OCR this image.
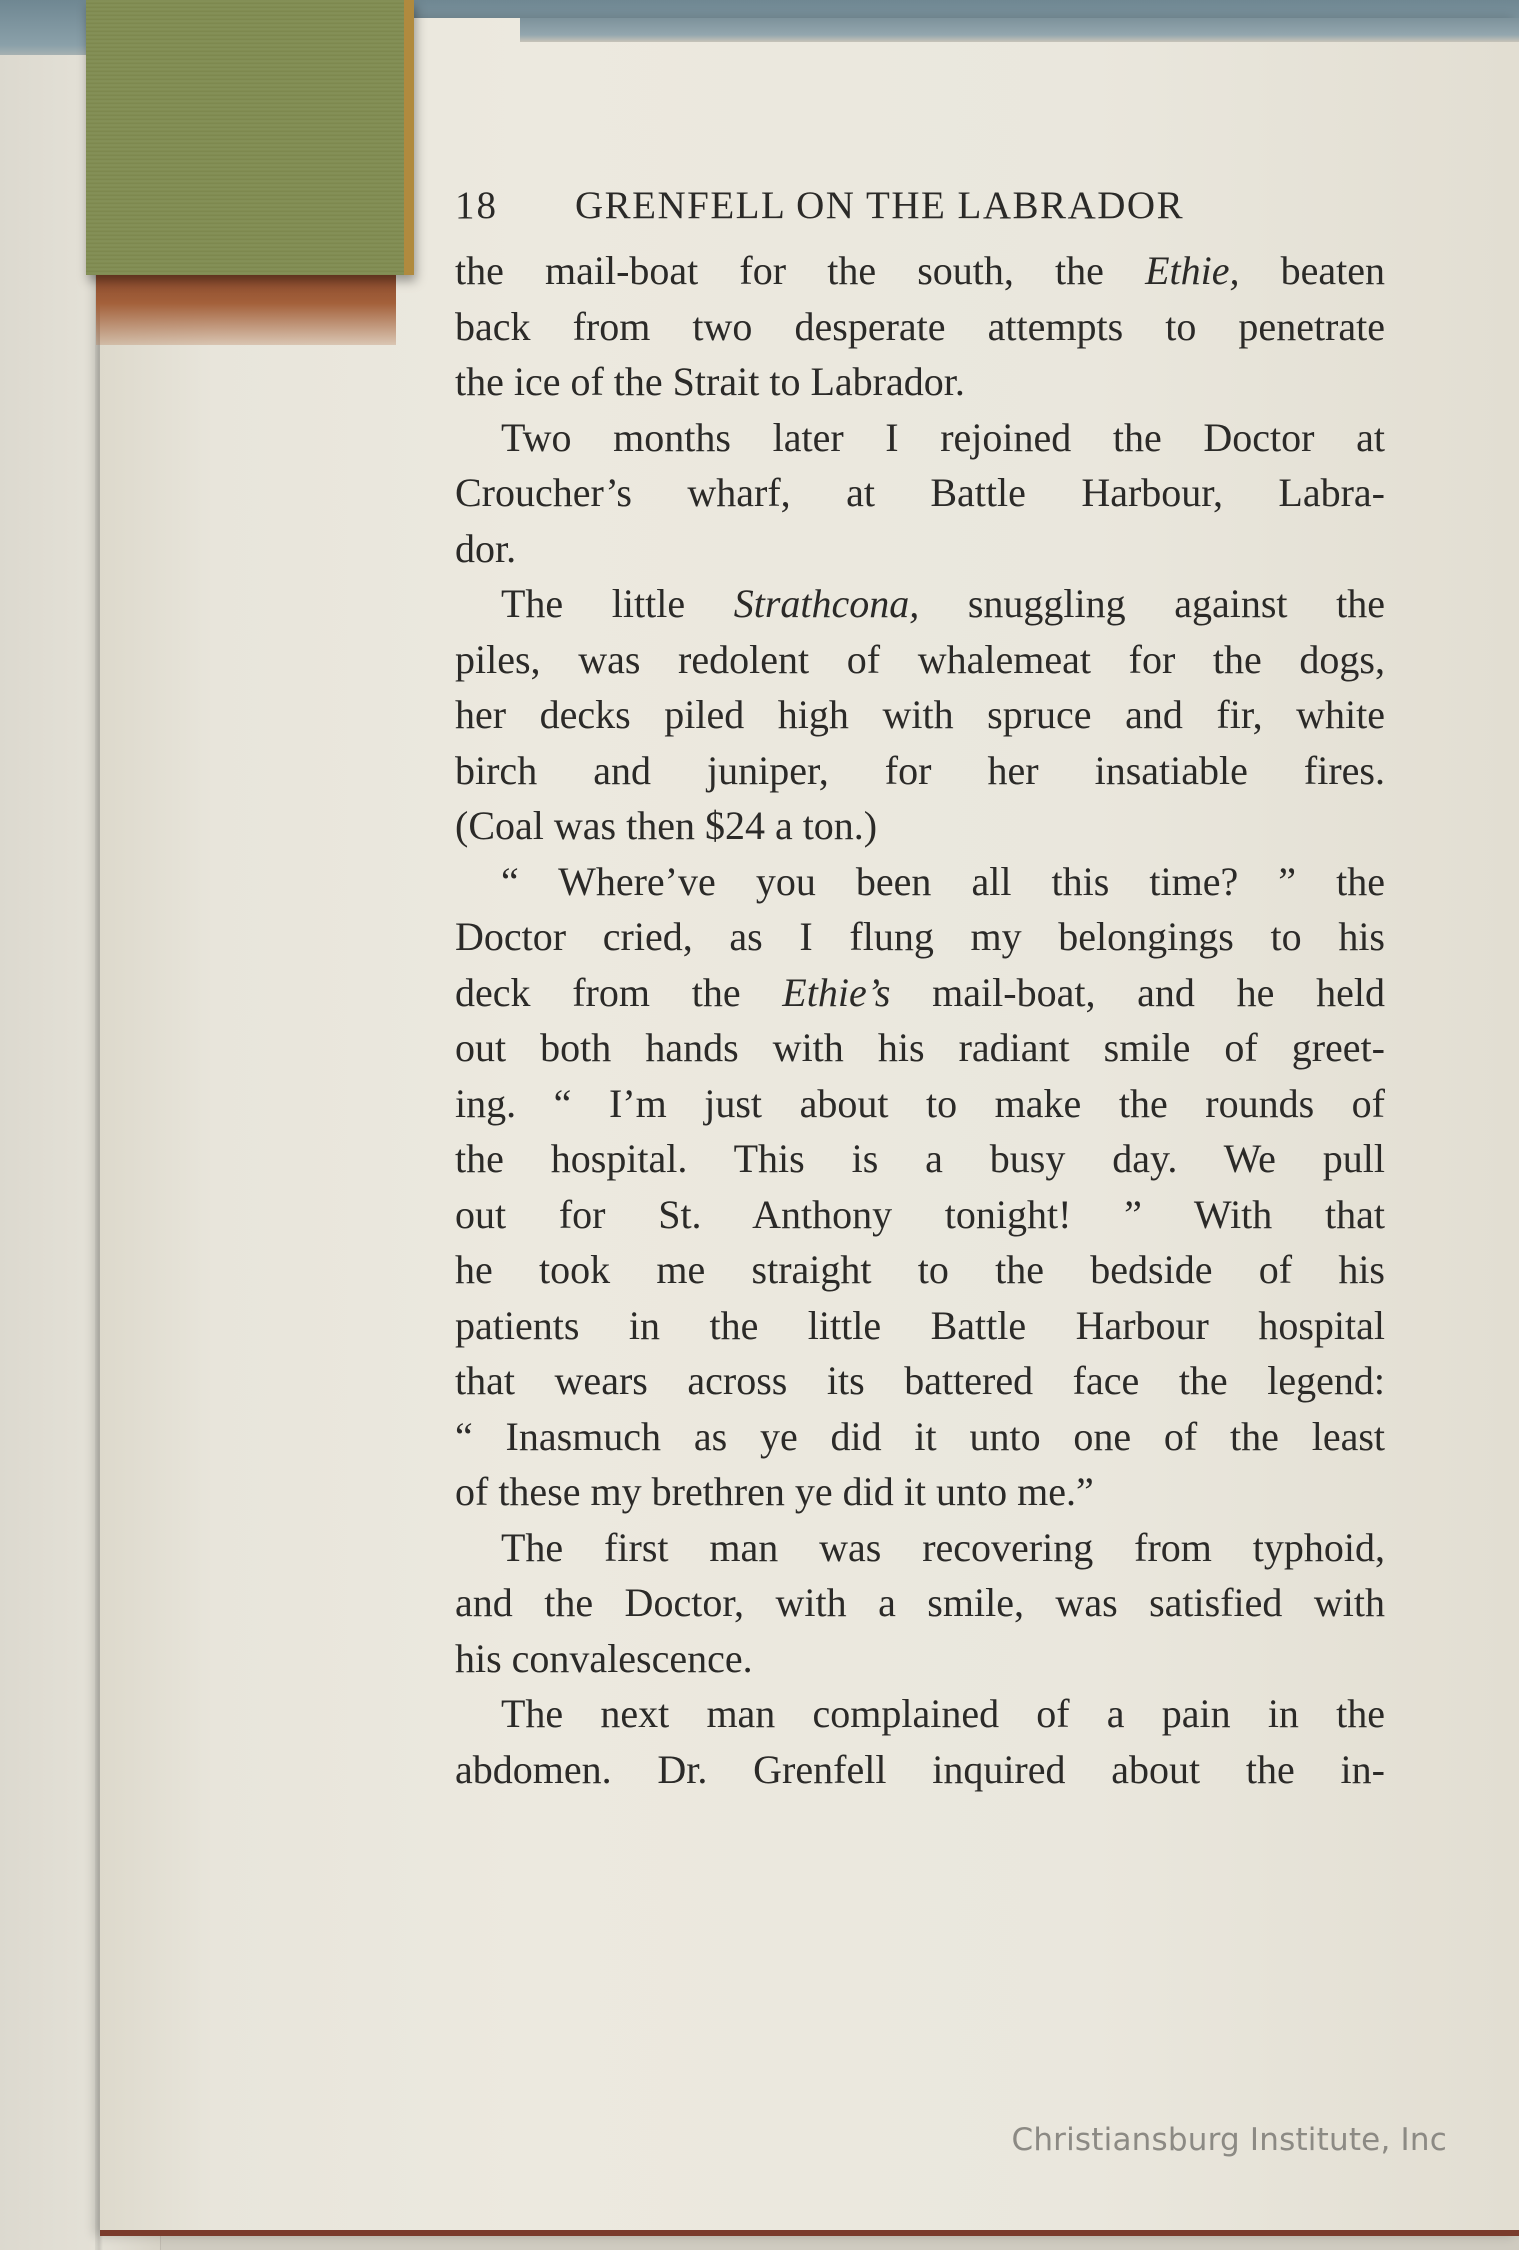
18	GRENFELL ON THE LABRADOR
the mail-boat for the south, the Ethie, beaten
back from two desperate attempts to penetrate
the ice of the Strait to Labrador.
Two months later I rejoined the Doctor at
Croucher’s wharf, at Battle Harbour, Labra-
dor.
The little Strathcona, snuggling against the
piles, was redolent of whalemeat for the dogs,
her decks piled high with spruce and fir, white
birch and juniper, for her insatiable fires.
(Coal was then $24 a ton.)
“ Where’ve you been all this time? ” the
Doctor cried, as I flung my belongings to his
deck from the Ethie’s mail-boat, and he held
out both hands with his radiant smile of greet-
ing. “ I’m just about to make the rounds of
the hospital. This is a busy day. We pull
out for St. Anthony tonight! ” With that
he took me straight to the bedside of his
patients in the little Battle Harbour hospital
that wears across its battered face the legend:
“ Inasmuch as ye did it unto one of the least
of these my brethren ye did it unto me.”
The first man was recovering from typhoid,
and the Doctor, with a smile, was satisfied with
his convalescence.
The next man complained of a pain in the
abdomen. Dr. Grenfell inquired about the in-
Christiansburg Institute, Inc
